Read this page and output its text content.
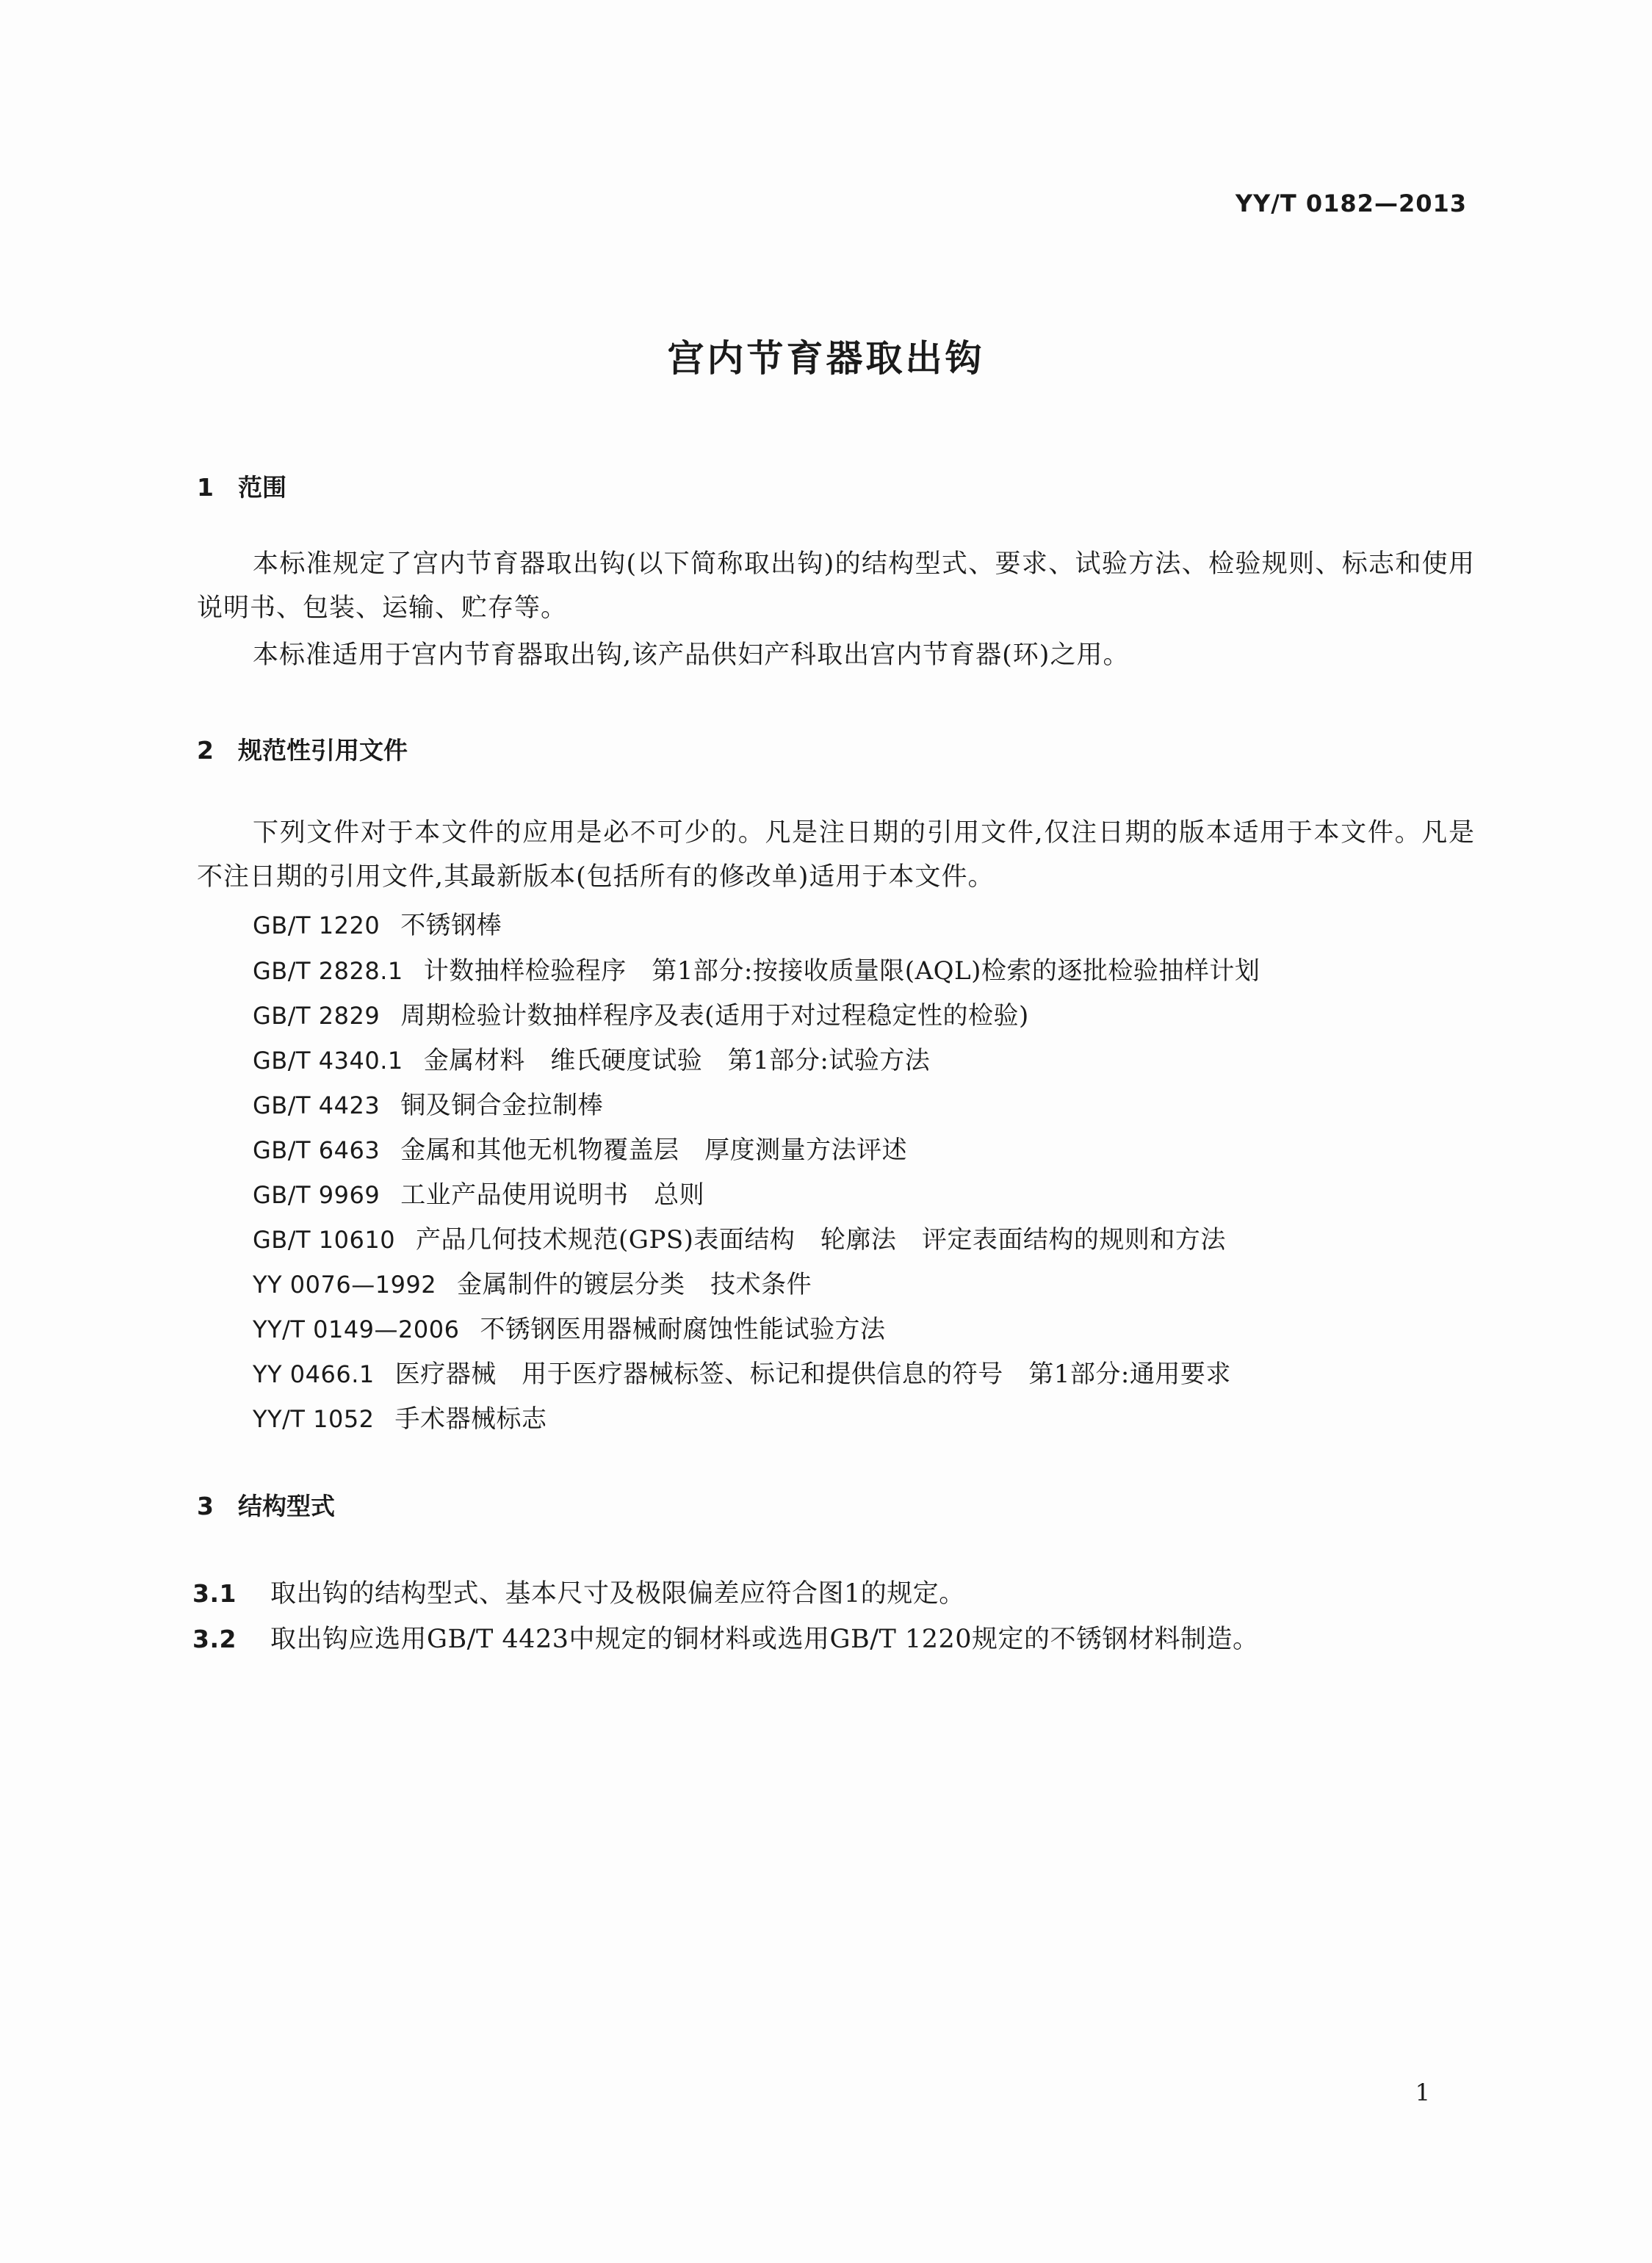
YY/T 0182—2013
宫内节育器取出钩
1 范围
本标准规定了宫内节育器取出钩(以下简称取出钩)的结构型式、要求、试验方法、检验规则、标志和使用说明书、包装、运输、贮存等。
本标准适用于宫内节育器取出钩,该产品供妇产科取出宫内节育器(环)之用。
2 规范性引用文件
下列文件对于本文件的应用是必不可少的。凡是注日期的引用文件,仅注日期的版本适用于本文件。凡是不注日期的引用文件,其最新版本(包括所有的修改单)适用于本文件。
GB/T 1220 不锈钢棒
GB/T 2828.1 计数抽样检验程序　第1部分:按接收质量限(AQL)检索的逐批检验抽样计划
GB/T 2829 周期检验计数抽样程序及表(适用于对过程稳定性的检验)
GB/T 4340.1 金属材料　维氏硬度试验　第1部分:试验方法
GB/T 4423 铜及铜合金拉制棒
GB/T 6463 金属和其他无机物覆盖层　厚度测量方法评述
GB/T 9969 工业产品使用说明书　总则
GB/T 10610 产品几何技术规范(GPS)表面结构　轮廓法　评定表面结构的规则和方法
YY 0076—1992 金属制件的镀层分类　技术条件
YY/T 0149—2006 不锈钢医用器械耐腐蚀性能试验方法
YY 0466.1 医疗器械　用于医疗器械标签、标记和提供信息的符号　第1部分:通用要求
YY/T 1052 手术器械标志
3 结构型式
3.1 取出钩的结构型式、基本尺寸及极限偏差应符合图1的规定。
3.2 取出钩应选用GB/T 4423中规定的铜材料或选用GB/T 1220规定的不锈钢材料制造。
1
